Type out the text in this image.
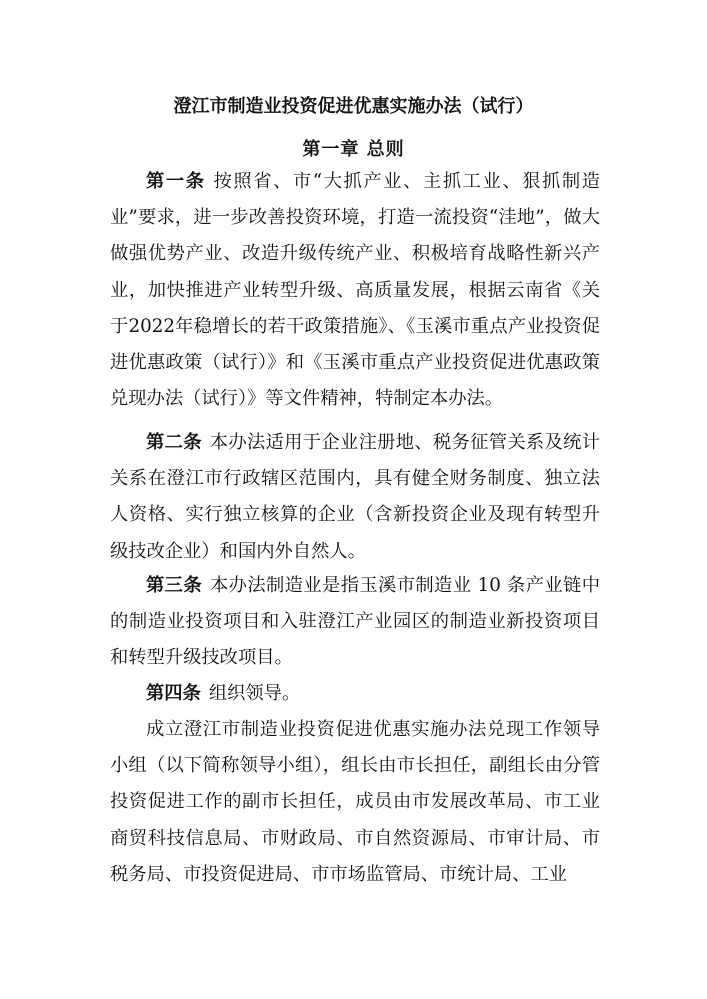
澄江市制造业投资促进优惠实施办法（试行）
第一章 总则
第一条 按照省、市“大抓产业、主抓工业、狠抓制造业”要求，进一步改善投资环境，打造一流投资“洼地”，做大做强优势产业、改造升级传统产业、积极培育战略性新兴产业，加快推进产业转型升级、高质量发展，根据云南省《关于2022年稳增长的若干政策措施》、《玉溪市重点产业投资促进优惠政策（试行）》和《玉溪市重点产业投资促进优惠政策兑现办法（试行）》等文件精神，特制定本办法。
第二条 本办法适用于企业注册地、税务征管关系及统计关系在澄江市行政辖区范围内，具有健全财务制度、独立法人资格、实行独立核算的企业（含新投资企业及现有转型升级技改企业）和国内外自然人。
第三条 本办法制造业是指玉溪市制造业 10 条产业链中的制造业投资项目和入驻澄江产业园区的制造业新投资项目和转型升级技改项目。
第四条 组织领导。
成立澄江市制造业投资促进优惠实施办法兑现工作领导小组（以下简称领导小组），组长由市长担任，副组长由分管投资促进工作的副市长担任，成员由市发展改革局、市工业商贸科技信息局、市财政局、市自然资源局、市审计局、市税务局、市投资促进局、市市场监管局、市统计局、工业
